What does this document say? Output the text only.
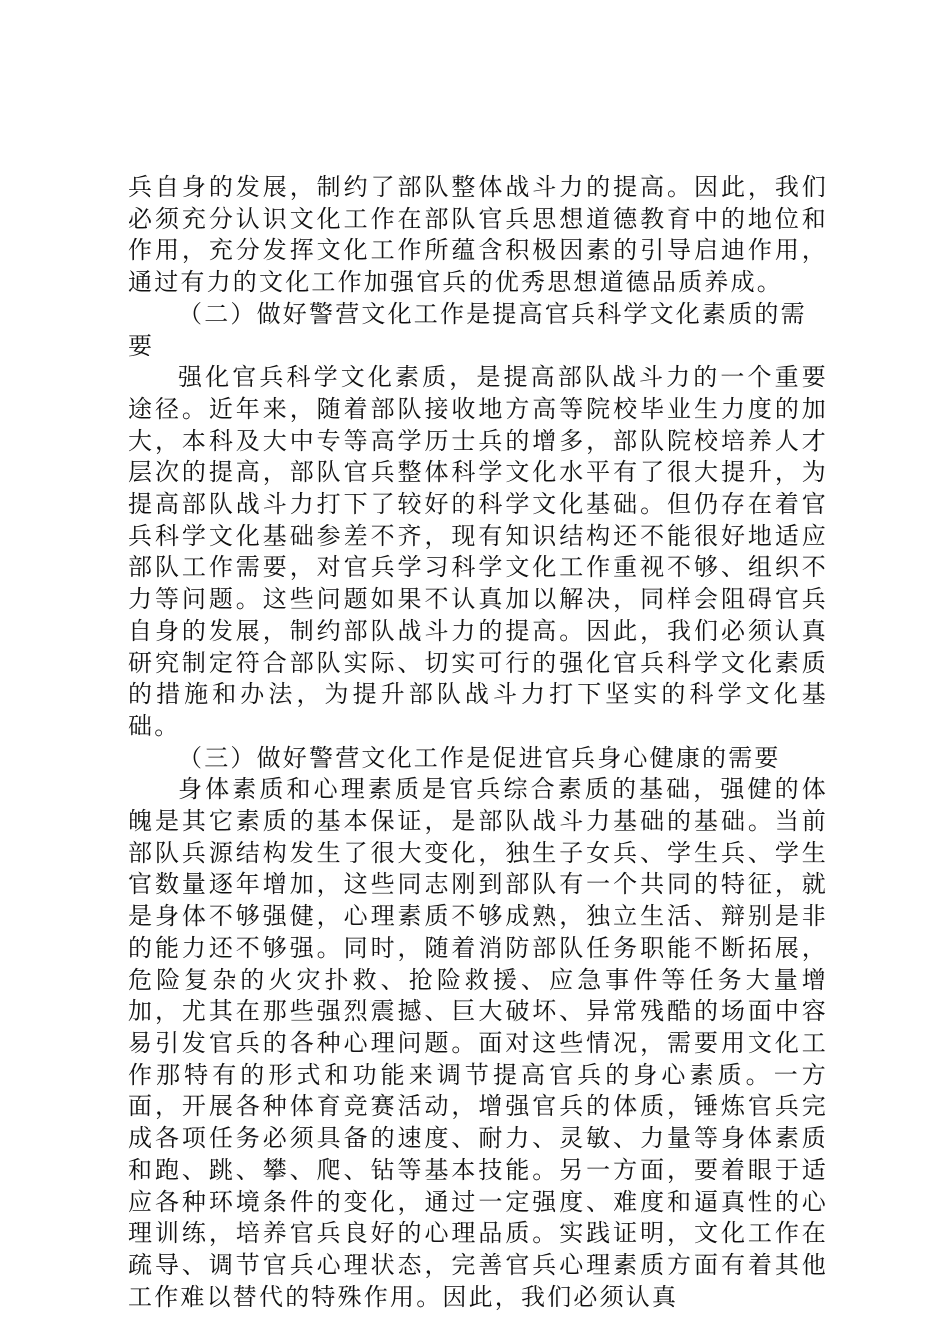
兵自身的发展，制约了部队整体战斗力的提高。因此，我们必须充分认识文化工作在部队官兵思想道德教育中的地位和作用，充分发挥文化工作所蕴含积极因素的引导启迪作用，通过有力的文化工作加强官兵的优秀思想道德品质养成。

（二）做好警营文化工作是提高官兵科学文化素质的需要

强化官兵科学文化素质，是提高部队战斗力的一个重要途径。近年来，随着部队接收地方高等院校毕业生力度的加大，本科及大中专等高学历士兵的增多，部队院校培养人才层次的提高，部队官兵整体科学文化水平有了很大提升，为提高部队战斗力打下了较好的科学文化基础。但仍存在着官兵科学文化基础参差不齐，现有知识结构还不能很好地适应部队工作需要，对官兵学习科学文化工作重视不够、组织不力等问题。这些问题如果不认真加以解决，同样会阻碍官兵自身的发展，制约部队战斗力的提高。因此，我们必须认真研究制定符合部队实际、切实可行的强化官兵科学文化素质的措施和办法，为提升部队战斗力打下坚实的科学文化基础。

（三）做好警营文化工作是促进官兵身心健康的需要

身体素质和心理素质是官兵综合素质的基础，强健的体魄是其它素质的基本保证，是部队战斗力基础的基础。当前部队兵源结构发生了很大变化，独生子女兵、学生兵、学生官数量逐年增加，这些同志刚到部队有一个共同的特征，就是身体不够强健，心理素质不够成熟，独立生活、辩别是非的能力还不够强。同时，随着消防部队任务职能不断拓展，危险复杂的火灾扑救、抢险救援、应急事件等任务大量增加，尤其在那些强烈震撼、巨大破坏、异常残酷的场面中容易引发官兵的各种心理问题。面对这些情况，需要用文化工作那特有的形式和功能来调节提高官兵的身心素质。一方面，开展各种体育竞赛活动，增强官兵的体质，锤炼官兵完成各项任务必须具备的速度、耐力、灵敏、力量等身体素质和跑、跳、攀、爬、钻等基本技能。另一方面，要着眼于适应各种环境条件的变化，通过一定强度、难度和逼真性的心理训练，培养官兵良好的心理品质。实践证明，文化工作在疏导、调节官兵心理状态，完善官兵心理素质方面有着其他工作难以替代的特殊作用。因此，我们必须认真
